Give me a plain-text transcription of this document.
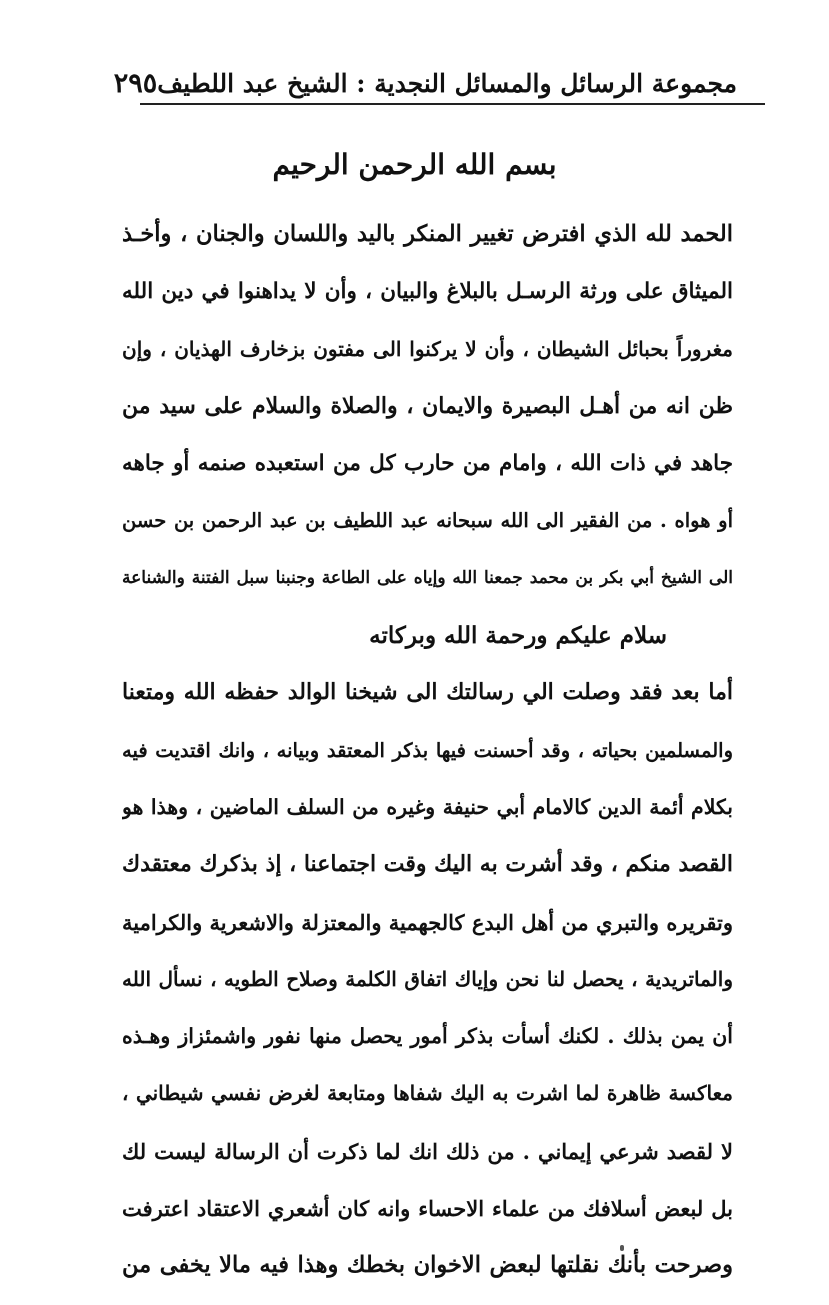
مجموعة الرسائل والمسائل النجدية : الشيخ عبد اللطيف
٢٩٥
بسم الله الرحمن الرحيم
الحمد لله الذي افترض تغيير المنكر باليد واللسان والجنان ، وأخـذ
الميثاق على ورثة الرسـل بالبلاغ والبيان ، وأن لا يداهنوا في دين الله
مغروراً بحبائل الشيطان ، وأن لا يركنوا الى مفتون بزخارف الهذيان ، وإن
ظن انه من أهـل البصيرة والايمان ، والصلاة والسلام على سيد من
جاهد في ذات الله ، وامام من حارب كل من استعبده صنمه أو جاهه
أو هواه . من الفقير الى الله سبحانه عبد اللطيف بن عبد الرحمن بن حسن
الى الشيخ أبي بكر بن محمد جمعنا الله وإياه على الطاعة وجنبنا سبل الفتنة والشناعة
سلام عليكم ورحمة الله وبركاته
أما بعد فقد وصلت الي رسالتك الى شيخنا الوالد حفظه الله ومتعنا
والمسلمين بحياته ، وقد أحسنت فيها بذكر المعتقد وبيانه ، وانك اقتديت فيه
بكلام أئمة الدين كالامام أبي حنيفة وغيره من السلف الماضين ، وهذا هو
القصد منكم ، وقد أشرت به اليك وقت اجتماعنا ، إذ بذكرك معتقدك
وتقريره والتبري من أهل البدع كالجهمية والمعتزلة والاشعرية والكرامية
والماتريدية ، يحصل لنا نحن وإياك اتفاق الكلمة وصلاح الطويه ، نسأل الله
أن يمن بذلك . لكنك أسأت بذكر أمور يحصل منها نفور واشمئزاز وهـذه
معاكسة ظاهرة لما اشرت به اليك شفاها ومتابعة لغرض نفسي شيطاني ،
لا لقصد شرعي إيماني . من ذلك انك لما ذكرت أن الرسالة ليست لك
بل لبعض أسلافك من علماء الاحساء وانه كان أشعري الاعتقاد اعترفت
وصرحت بأنك نقلتها لبعض الاخوان بخطك وهذا فيه مالا يخفى من
